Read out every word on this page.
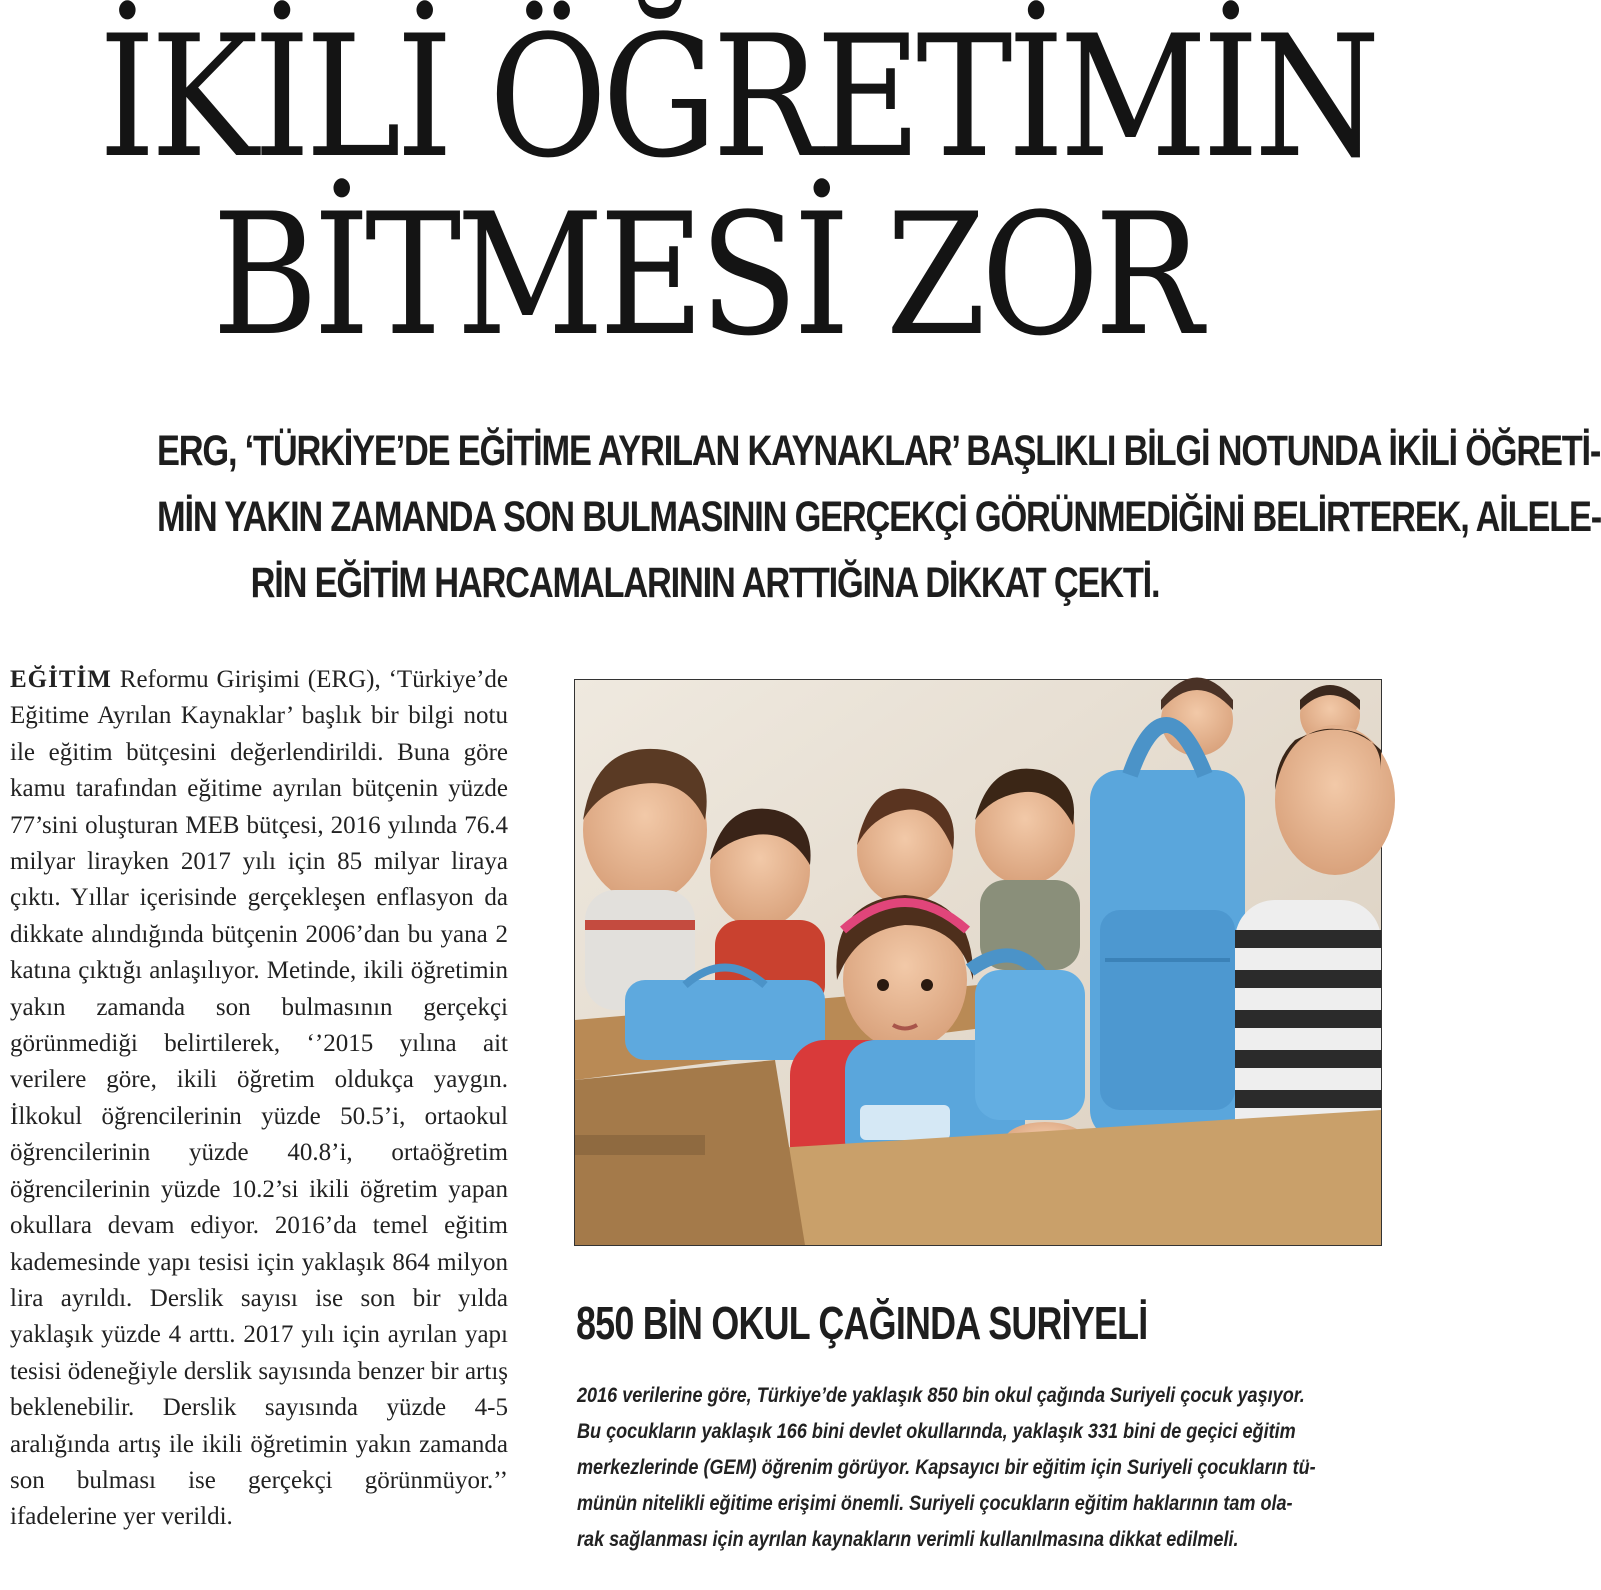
İKİLİ ÖĞRETİMİN
BİTMESİ ZOR
ERG, ‘TÜRKİYE’DE EĞİTİME AYRILAN KAYNAKLAR’ BAŞLIKLI BİLGİ NOTUNDA İKİLİ ÖĞRETİ-
MİN YAKIN ZAMANDA SON BULMASININ GERÇEKÇİ GÖRÜNMEDİĞİNİ BELİRTEREK, AİLELE-
RİN EĞİTİM HARCAMALARININ ARTTIĞINA DİKKAT ÇEKTİ.
EĞİTİM Reformu Girişimi (ERG), ‘Türkiye’de Eğitime Ayrılan Kaynaklar’ başlık bir bilgi notu ile eğitim bütçesini değerlendirildi. Buna göre kamu tarafından eğitime ayrılan bütçenin yüzde 77’sini oluşturan MEB bütçesi, 2016 yılında 76.4 milyar lirayken 2017 yılı için 85 milyar liraya çıktı. Yıllar içerisinde gerçekleşen enflasyon da dikkate alındığında bütçenin 2006’dan bu yana 2 katına çıktığı anlaşılıyor. Metinde, ikili öğretimin yakın zamanda son bulmasının gerçekçi görünmediği belirtilerek, ‘’2015 yılına ait verilere göre, ikili öğretim oldukça yaygın. İlkokul öğrencilerinin yüzde 50.5’i, ortaokul öğrencilerinin yüzde 40.8’i, ortaöğretim öğrencilerinin yüzde 10.2’si ikili öğretim yapan okullara devam ediyor. 2016’da temel eğitim kademesinde yapı tesisi için yaklaşık 864 milyon lira ayrıldı. Derslik sayısı ise son bir yılda yaklaşık yüzde 4 arttı. 2017 yılı için ayrılan yapı tesisi ödeneğiyle derslik sayısında benzer bir artış beklenebilir. Derslik sayısında yüzde 4-5 aralığında artış ile ikili öğretimin yakın zamanda son bulması ise gerçekçi görünmüyor.’’ ifadelerine yer verildi.
850 BİN OKUL ÇAĞINDA SURİYELİ
2016 verilerine göre, Türkiye’de yaklaşık 850 bin okul çağında Suriyeli çocuk yaşıyor.
Bu çocukların yaklaşık 166 bini devlet okullarında, yaklaşık 331 bini de geçici eğitim
merkezlerinde (GEM) öğrenim görüyor. Kapsayıcı bir eğitim için Suriyeli çocukların tü-
münün nitelikli eğitime erişimi önemli. Suriyeli çocukların eğitim haklarının tam ola-
rak sağlanması için ayrılan kaynakların verimli kullanılmasına dikkat edilmeli.
